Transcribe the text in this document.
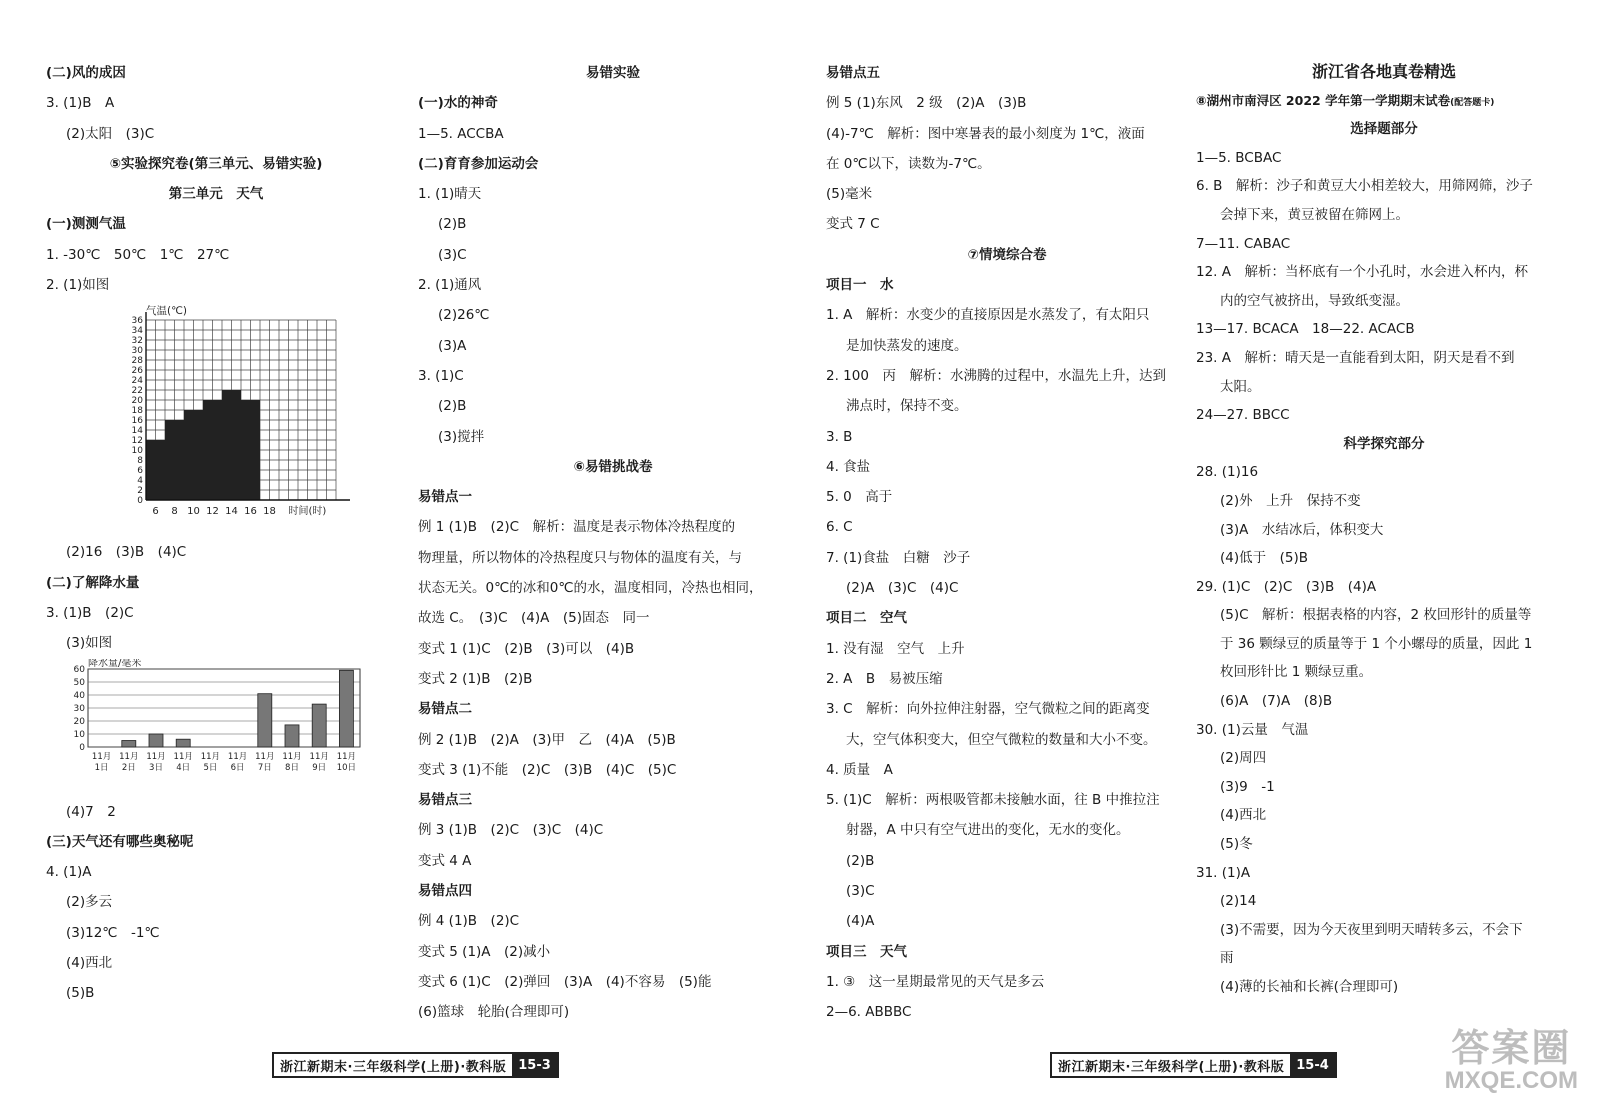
(二)风的成因
3. (1)B　A
(2)太阳　(3)C
⑤实验探究卷(第三单元、易错实验)
第三单元　天气
(一)测测气温
1. -30℃　50℃　1℃　27℃
2. (1)如图
0
2
4
6
8
10
12
14
16
18
20
22
24
26
28
30
32
34
36
6 8 10 12 14 16 18 时间(时)
气温(℃)
(2)16　(3)B　(4)C
(二)了解降水量
3. (1)B　(2)C
(3)如图
0
10
20
30
40
50
60
11月
1日
11月
2日
11月
3日
11月
4日
11月
5日
11月
6日
11月
7日
11月
8日
11月
9日
11月
10日
降水量/毫米
(4)7　2
(三)天气还有哪些奥秘呢
4. (1)A
(2)多云
(3)12℃　-1℃
(4)西北
(5)B
易错实验
(一)水的神奇
1—5. ACCBA
(二)育育参加运动会
1. (1)晴天
(2)B
(3)C
2. (1)通风
(2)26℃
(3)A
3. (1)C
(2)B
(3)搅拌
⑥易错挑战卷
易错点一
例 1 (1)B　(2)C　解析：温度是表示物体冷热程度的
物理量，所以物体的冷热程度只与物体的温度有关，与
状态无关。0℃的冰和0℃的水，温度相同，冷热也相同，
故选 C。　(3)C　(4)A　(5)固态　同一
变式 1 (1)C　(2)B　(3)可以　(4)B
变式 2 (1)B　(2)B
易错点二
例 2 (1)B　(2)A　(3)甲　乙　(4)A　(5)B
变式 3 (1)不能　(2)C　(3)B　(4)C　(5)C
易错点三
例 3 (1)B　(2)C　(3)C　(4)C
变式 4 A
易错点四
例 4 (1)B　(2)C
变式 5 (1)A　(2)减小
变式 6 (1)C　(2)弹回　(3)A　(4)不容易　(5)能
(6)篮球　轮胎(合理即可)
易错点五
例 5 (1)东风　2 级　(2)A　(3)B
(4)-7℃　解析：图中寒暑表的最小刻度为 1℃，液面
在 0℃以下，读数为-7℃。
(5)毫米
变式 7 C
⑦情境综合卷
项目一　水
1. A　解析：水变少的直接原因是水蒸发了，有太阳只
是加快蒸发的速度。
2. 100　丙　解析：水沸腾的过程中，水温先上升，达到
沸点时，保持不变。
3. B
4. 食盐
5. 0　高于
6. C
7. (1)食盐　白糖　沙子
(2)A　(3)C　(4)C
项目二　空气
1. 没有湿　空气　上升
2. A　B　易被压缩
3. C　解析：向外拉伸注射器，空气微粒之间的距离变
大，空气体积变大，但空气微粒的数量和大小不变。
4. 质量　A
5. (1)C　解析：两根吸管都未接触水面，往 B 中推拉注
射器，A 中只有空气进出的变化，无水的变化。
(2)B
(3)C
(4)A
项目三　天气
1. ③　这一星期最常见的天气是多云
2—6. ABBBC
浙江省各地真卷精选
⑧湖州市南浔区 2022 学年第一学期期末试卷(配答题卡)
选择题部分
1—5. BCBAC
6. B　解析：沙子和黄豆大小相差较大，用筛网筛，沙子
会掉下来，黄豆被留在筛网上。
7—11. CABAC
12. A　解析：当杯底有一个小孔时，水会进入杯内，杯
内的空气被挤出，导致纸变湿。
13—17. BCACA　18—22. ACACB
23. A　解析：晴天是一直能看到太阳，阴天是看不到
太阳。
24—27. BBCC
科学探究部分
28. (1)16
(2)外　上升　保持不变
(3)A　水结冰后，体积变大
(4)低于　(5)B
29. (1)C　(2)C　(3)B　(4)A
(5)C　解析：根据表格的内容，2 枚回形针的质量等
于 36 颗绿豆的质量等于 1 个小螺母的质量，因此 1
枚回形针比 1 颗绿豆重。
(6)A　(7)A　(8)B
30. (1)云量　气温
(2)周四
(3)9　-1
(4)西北
(5)冬
31. (1)A
(2)14
(3)不需要，因为今天夜里到明天晴转多云，不会下
雨
(4)薄的长袖和长裤(合理即可)
浙江新期末·三年级科学(上册)·教科版 15-3	浙江新期末·三年级科学(上册)·教科版 15-4	答案圈
MXQE.COM
